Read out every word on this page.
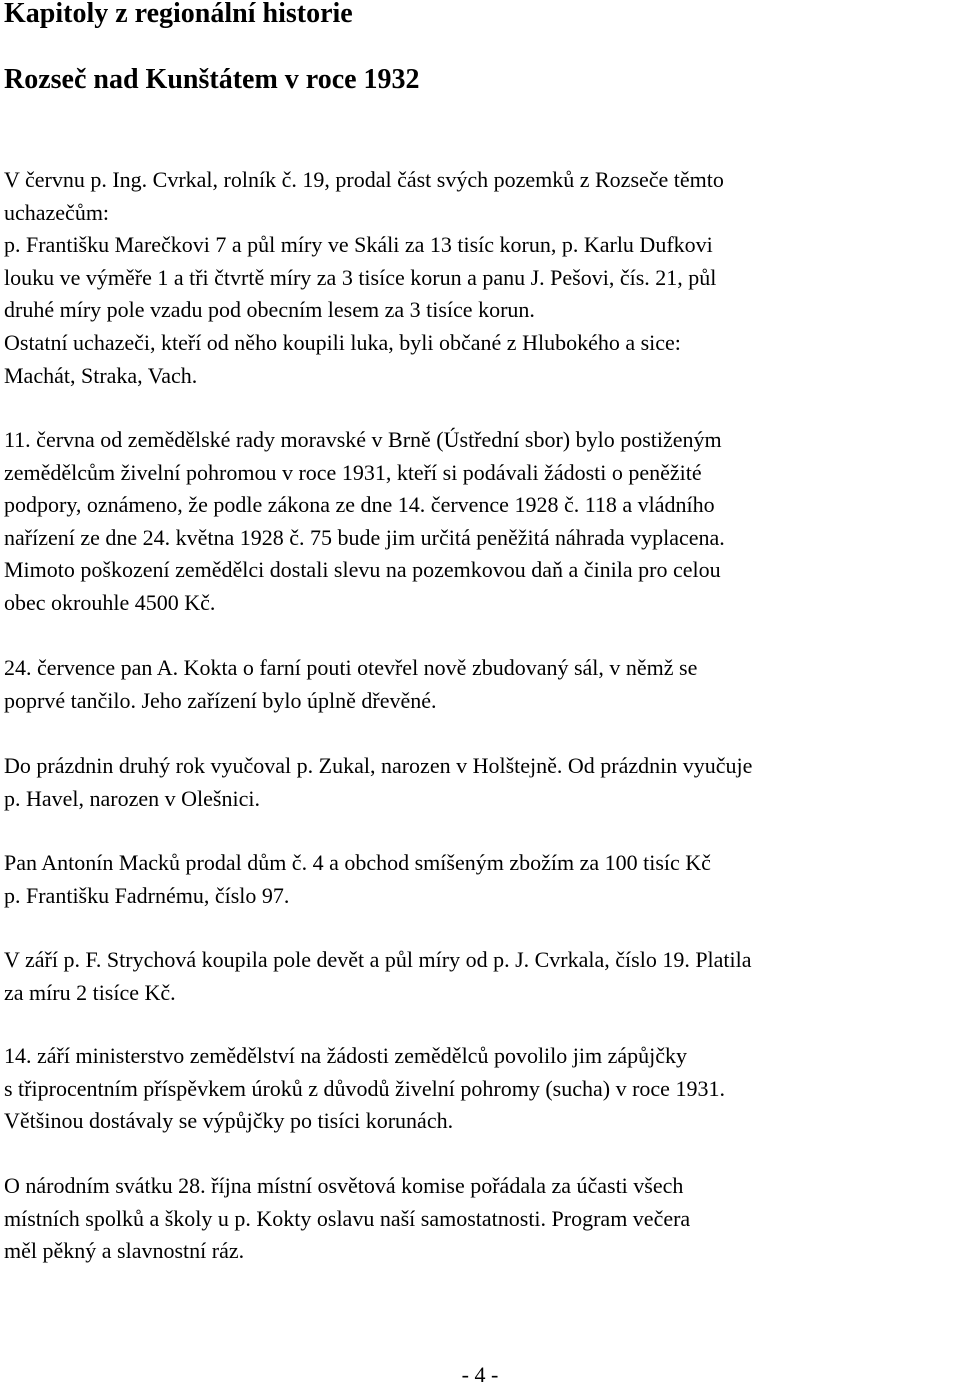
Kapitoly z regionální historie
Rozseč nad Kunštátem v roce 1932

V červnu p. Ing. Cvrkal, rolník č. 19, prodal část svých pozemků z Rozseče těmto
uchazečům:
p. Františku Marečkovi 7 a půl míry ve Skáli za 13 tisíc korun, p. Karlu Dufkovi
louku ve výměře 1 a tři čtvrtě míry za 3 tisíce korun a panu J. Pešovi, čís. 21, půl
druhé míry pole vzadu pod obecním lesem za 3 tisíce korun.
Ostatní uchazeči, kteří od něho koupili luka, byli občané z Hlubokého a sice:
Machát, Straka, Vach.

11. června od zemědělské rady moravské v Brně (Ústřední sbor) bylo postiženým
zemědělcům živelní pohromou v roce 1931, kteří si podávali žádosti o peněžité
podpory, oznámeno, že podle zákona ze dne 14. července 1928 č. 118 a vládního
nařízení ze dne 24. května 1928 č. 75 bude jim určitá peněžitá náhrada vyplacena.
Mimoto poškození zemědělci dostali slevu na pozemkovou daň a činila pro celou
obec okrouhle 4500 Kč.

24. července pan A. Kokta o farní pouti otevřel nově zbudovaný sál, v němž se
poprvé tančilo. Jeho zařízení bylo úplně dřevěné.

Do prázdnin druhý rok vyučoval p. Zukal, narozen v Holštejně. Od prázdnin vyučuje
p. Havel, narozen v Olešnici.

Pan Antonín Macků prodal dům č. 4 a obchod smíšeným zbožím za 100 tisíc Kč
p. Františku Fadrnému, číslo 97.

V září p. F. Strychová koupila pole devět a půl míry od p. J. Cvrkala, číslo 19. Platila
za míru 2 tisíce Kč.

14. září ministerstvo zemědělství na žádosti zemědělců povolilo jim zápůjčky
s třiprocentním příspěvkem úroků z důvodů živelní pohromy (sucha) v roce 1931.
Většinou dostávaly se výpůjčky po tisíci korunách.

O národním svátku 28. října místní osvětová komise pořádala za účasti všech
místních spolků a školy u p. Kokty oslavu naší samostatnosti. Program večera
měl pěkný a slavnostní ráz.

- 4 -
